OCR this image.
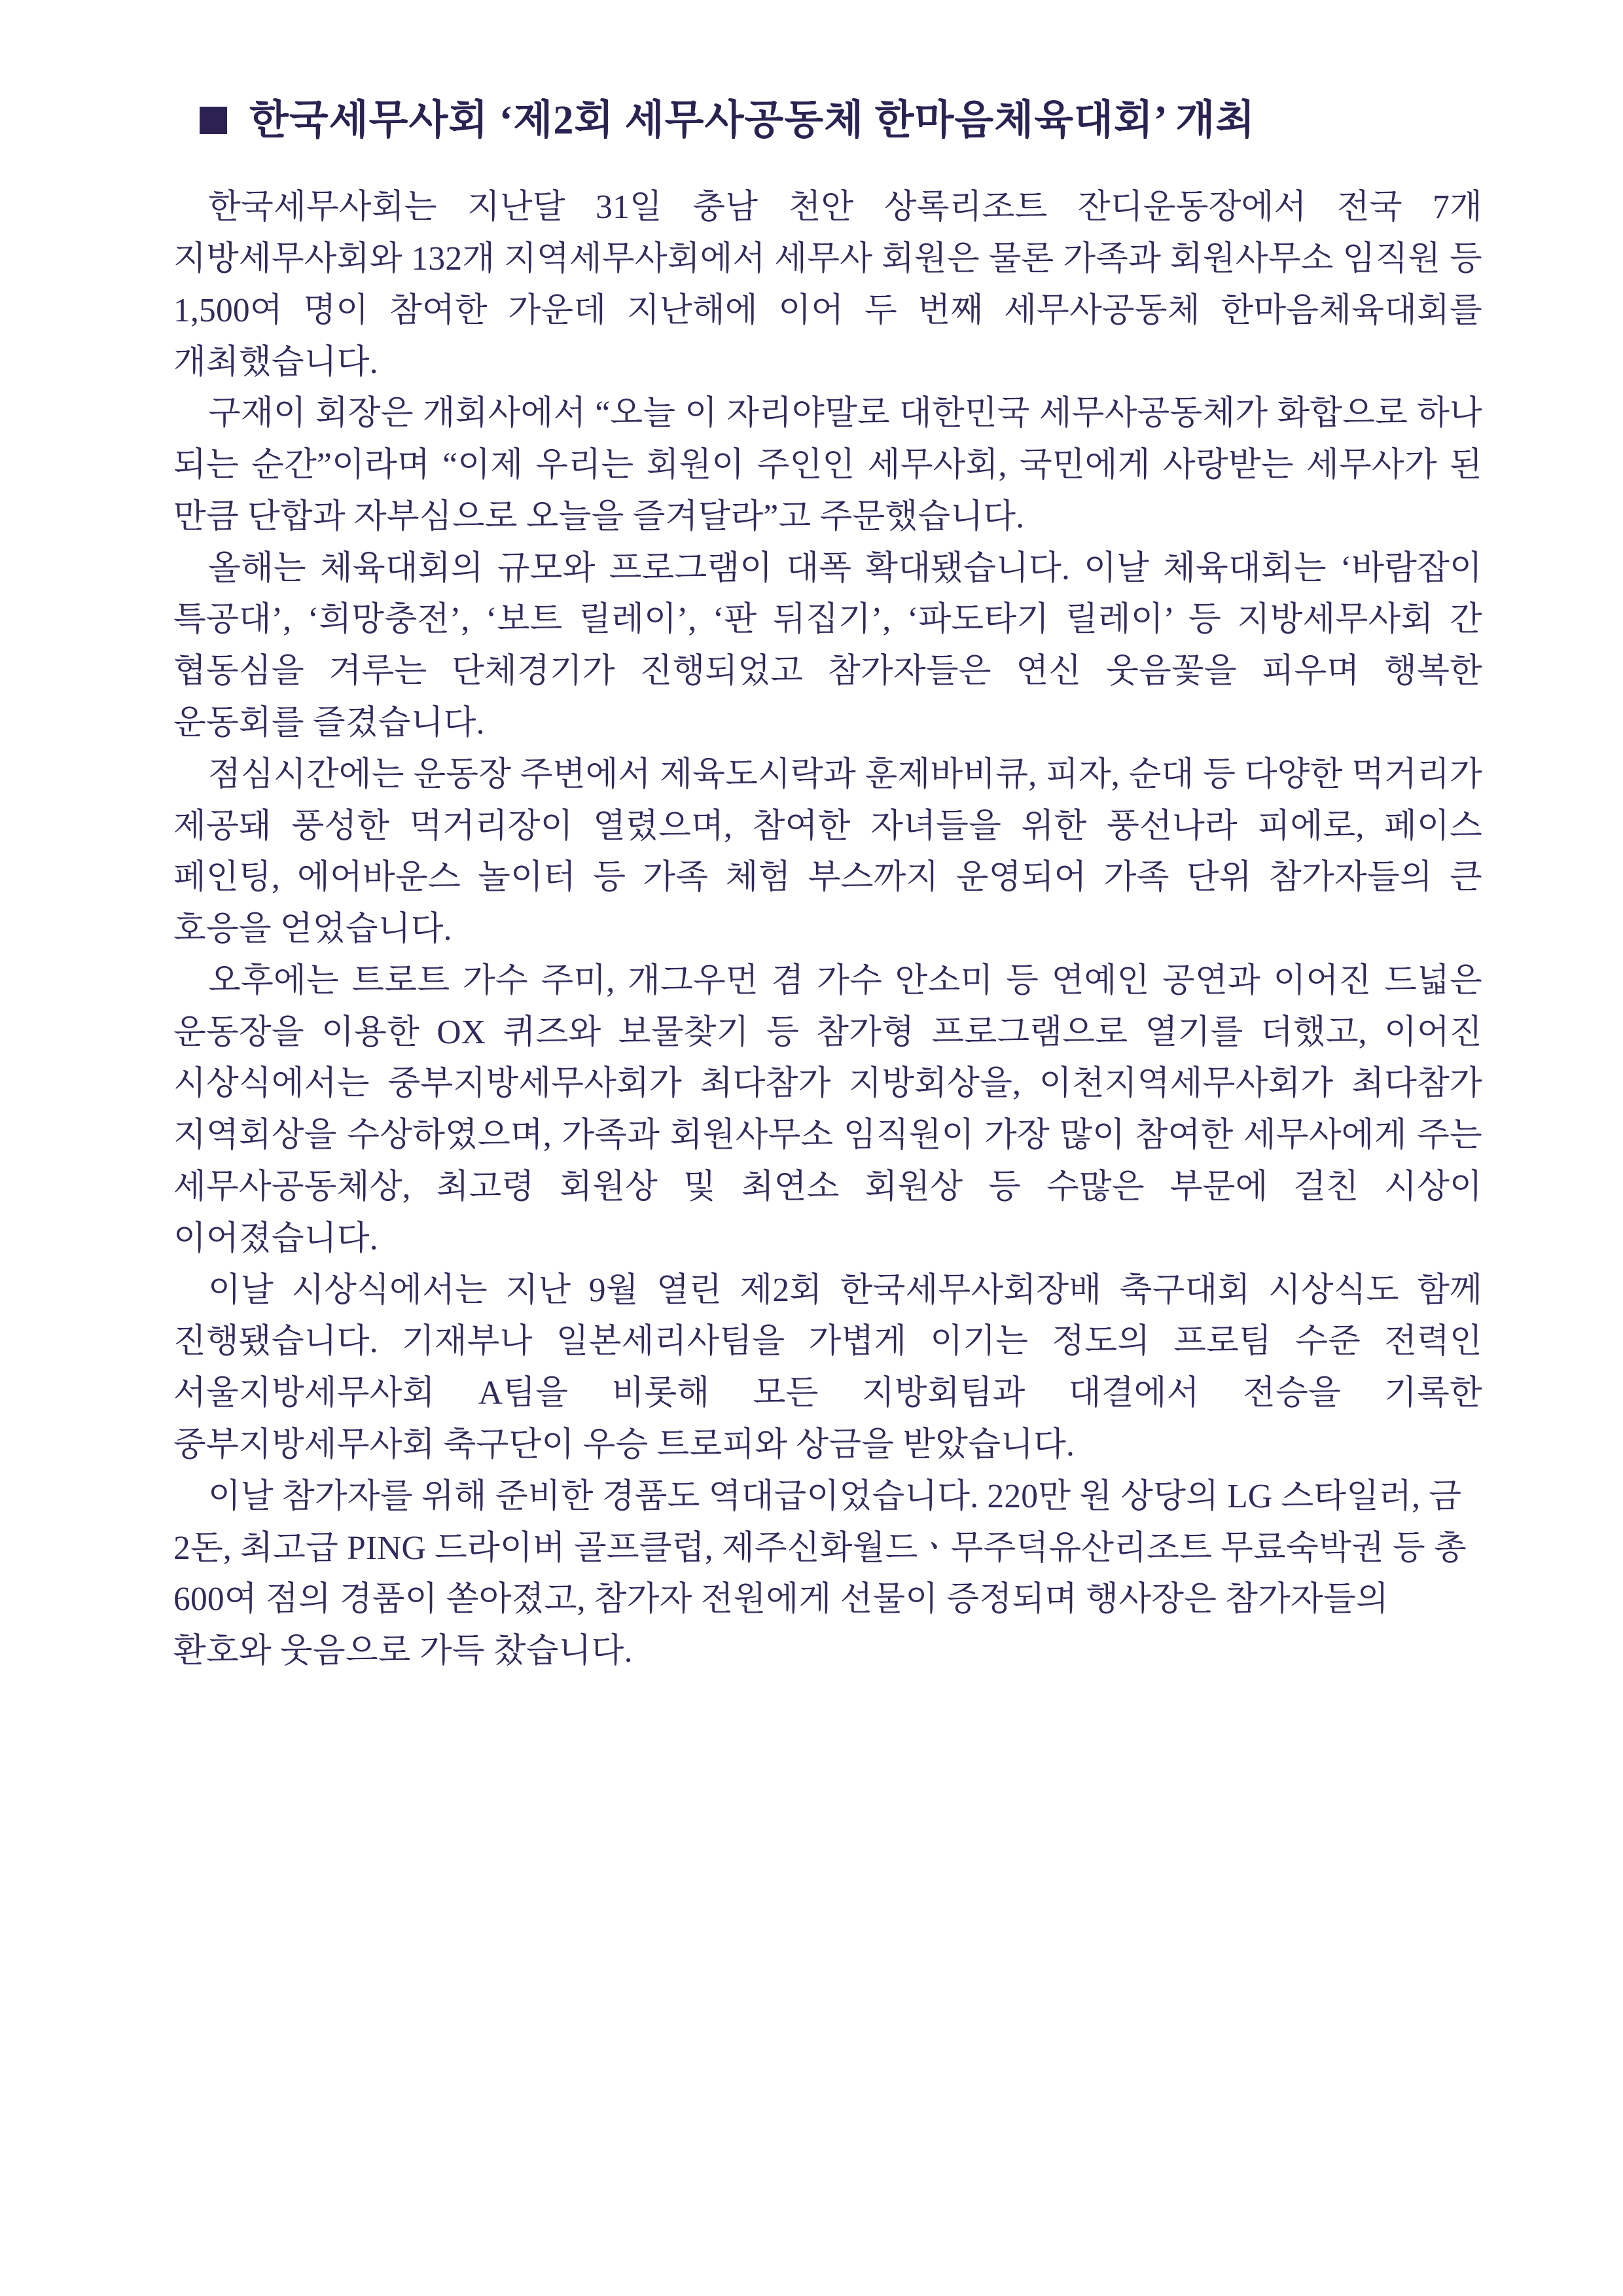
한국세무사회 ‘제2회 세무사공동체 한마음체육대회’ 개최

한국세무사회는 지난달 31일 충남 천안 상록리조트 잔디운동장에서 전국 7개 지방세무사회와 132개 지역세무사회에서 세무사 회원은 물론 가족과 회원사무소 임직원 등 1,500여 명이 참여한 가운데 지난해에 이어 두 번째 세무사공동체 한마음체육대회를 개최했습니다.

구재이 회장은 개회사에서 “오늘 이 자리야말로 대한민국 세무사공동체가 화합으로 하나 되는 순간”이라며 “이제 우리는 회원이 주인인 세무사회, 국민에게 사랑받는 세무사가 된 만큼 단합과 자부심으로 오늘을 즐겨달라”고 주문했습니다.

올해는 체육대회의 규모와 프로그램이 대폭 확대됐습니다. 이날 체육대회는 ‘바람잡이 특공대’, ‘희망충전’, ‘보트 릴레이’, ‘판 뒤집기’, ‘파도타기 릴레이’ 등 지방세무사회 간 협동심을 겨루는 단체경기가 진행되었고 참가자들은 연신 웃음꽃을 피우며 행복한 운동회를 즐겼습니다.

점심시간에는 운동장 주변에서 제육도시락과 훈제바비큐, 피자, 순대 등 다양한 먹거리가 제공돼 풍성한 먹거리장이 열렸으며, 참여한 자녀들을 위한 풍선나라 피에로, 페이스 페인팅, 에어바운스 놀이터 등 가족 체험 부스까지 운영되어 가족 단위 참가자들의 큰 호응을 얻었습니다.

오후에는 트로트 가수 주미, 개그우먼 겸 가수 안소미 등 연예인 공연과 이어진 드넓은 운동장을 이용한 OX 퀴즈와 보물찾기 등 참가형 프로그램으로 열기를 더했고, 이어진 시상식에서는 중부지방세무사회가 최다참가 지방회상을, 이천지역세무사회가 최다참가 지역회상을 수상하였으며, 가족과 회원사무소 임직원이 가장 많이 참여한 세무사에게 주는 세무사공동체상, 최고령 회원상 및 최연소 회원상 등 수많은 부문에 걸친 시상이 이어졌습니다.

이날 시상식에서는 지난 9월 열린 제2회 한국세무사회장배 축구대회 시상식도 함께 진행됐습니다. 기재부나 일본세리사팀을 가볍게 이기는 정도의 프로팀 수준 전력인 서울지방세무사회 A팀을 비롯해 모든 지방회팀과 대결에서 전승을 기록한 중부지방세무사회 축구단이 우승 트로피와 상금을 받았습니다.

이날 참가자를 위해 준비한 경품도 역대급이었습니다. 220만 원 상당의 LG 스타일러, 금 2돈, 최고급 PING 드라이버 골프클럽, 제주신화월드ㆍ무주덕유산리조트 무료숙박권 등 총 600여 점의 경품이 쏟아졌고, 참가자 전원에게 선물이 증정되며 행사장은 참가자들의 환호와 웃음으로 가득 찼습니다.
